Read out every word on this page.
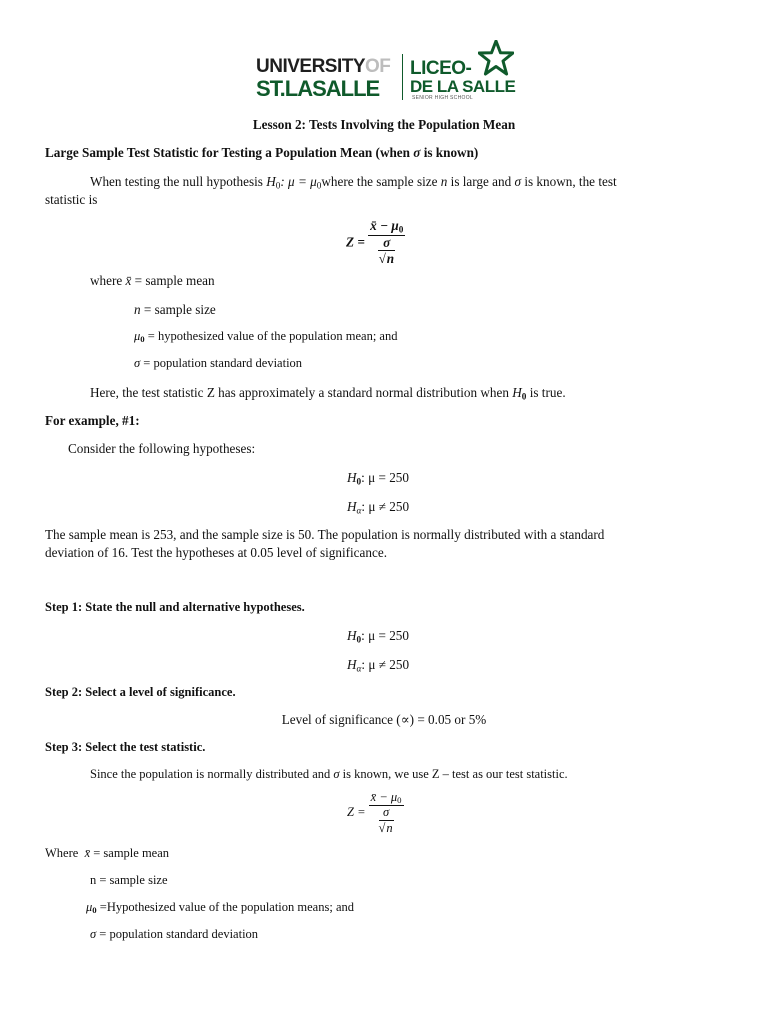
UNIVERSITYOF
ST.LASALLE
LICEO-
DE LA SALLE
SENIOR HIGH SCHOOL
Lesson 2: Tests Involving the Population Mean
Large Sample Test Statistic for Testing a Population Mean (when σ is known)
When testing the null hypothesis $H_0$: $\mu = \mu_0where$ the sample size n is large and σ is known, the test
statistic is
$Z = \frac{x̄ - \mu_0}{\frac{\sigma}{√n}}$
where x̄ = sample mean
n = sample size
$\mu_0$ = hypothesized value of the population mean; and
σ = population standard deviation
Here, the test statistic Z has approximately a standard normal distribution when $H_0$ is true.
For example, #1:
Consider the following hypotheses:
$H_0$: μ = 250
$H_\alpha$: μ ≠ 250
The sample mean is 253, and the sample size is 50. The population is normally distributed with a standard
deviation of 16. Test the hypotheses at 0.05 level of significance.
Step 1: State the null and alternative hypotheses.
$H_0$: μ = 250
$H_\alpha$: μ ≠ 250
Step 2: Select a level of significance.
Level of significance (∝) = 0.05 or 5%
Step 3: Select the test statistic.
Since the population is normally distributed and σ is known, we use Z – test as our test statistic.
$Z = \frac{x̄ - \mu_0}{\frac{\sigma}{√n}}$
Where  x̄ = sample mean
n = sample size
$\mu_0$ =Hypothesized value of the population means; and
σ = population standard deviation
